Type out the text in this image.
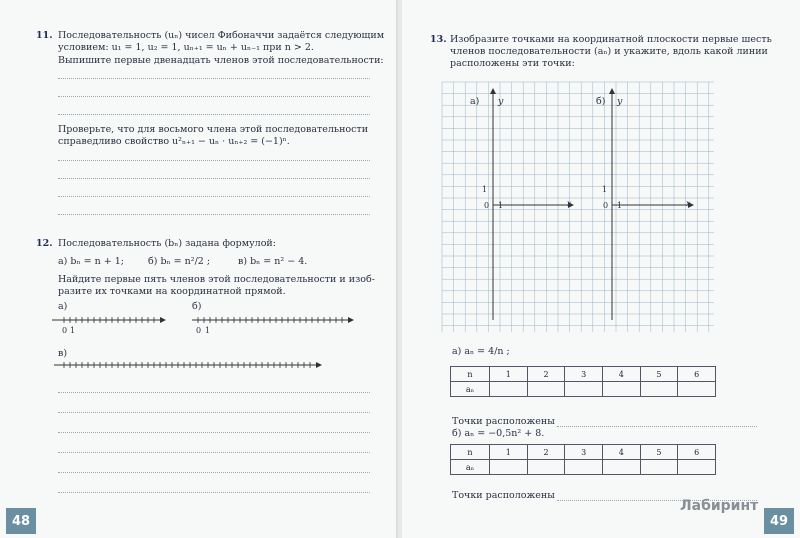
11. Последовательность (uₙ) чисел Фибоначчи задаётся следующим
условием: u₁ = 1, u₂ = 1, uₙ₊₁ = uₙ + uₙ₋₁ при n > 2.
Выпишите первые двенадцать членов этой последовательности:
Проверьте, что для восьмого члена этой последовательности
справедливо свойство u²ₙ₊₁ − uₙ · uₙ₊₂ = (−1)ⁿ.
12. Последовательность (bₙ) задана формулой:
а) bₙ = n + 1;	б) bₙ = n²/2 ;	в) bₙ = n² − 4.
Найдите первые пять членов этой последовательности и изоб-
разите их точками на координатной прямой.
а)	б)
в)
0 1	0 1
48
13. Изобразите точками на координатной плоскости первые шесть
членов последовательности (aₙ) и укажите, вдоль какой линии
расположены эти точки:
а) y
1
0 1	x
б) y
1
0 1	x
а) aₙ = 4/n ;
n	1	2	3	4	5	6
aₙ						
Точки расположены
б) aₙ = −0,5n² + 8.
n	1	2	3	4	5	6
aₙ						
Точки расположены
49
Лабиринт
